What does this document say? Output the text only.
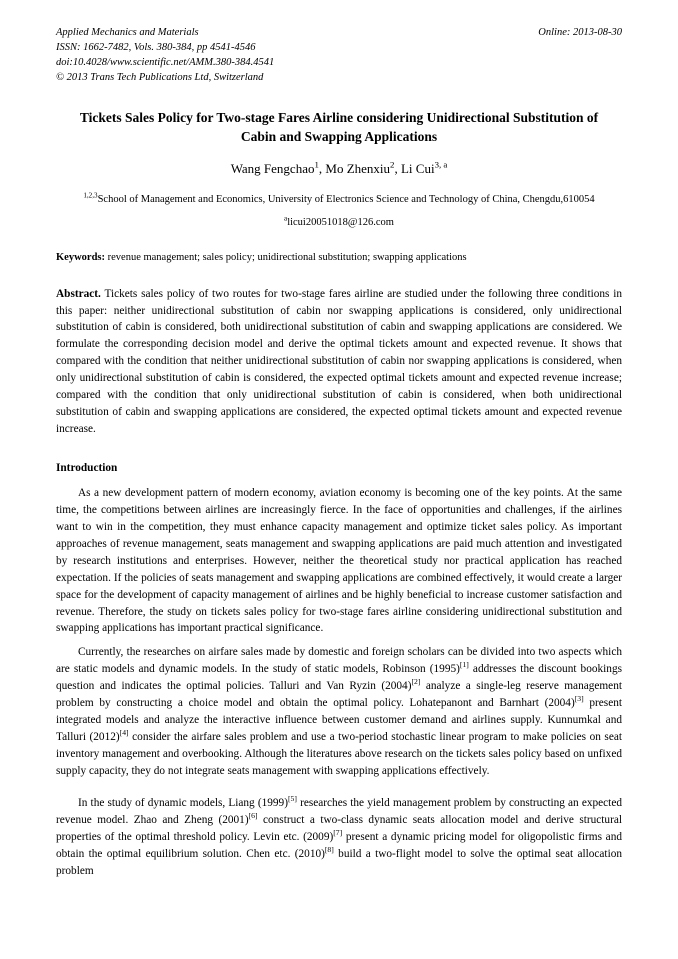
Applied Mechanics and Materials
ISSN: 1662-7482, Vols. 380-384, pp 4541-4546
doi:10.4028/www.scientific.net/AMM.380-384.4541
© 2013 Trans Tech Publications Ltd, Switzerland
Online: 2013-08-30
Tickets Sales Policy for Two-stage Fares Airline considering Unidirectional Substitution of Cabin and Swapping Applications
Wang Fengchao$^1$, Mo Zhenxiu$^2$, Li Cui$^{3, a}$
$^{1,2,3}$School of Management and Economics, University of Electronics Science and Technology of China, Chengdu,610054
$^a$licui20051018@126.com
Keywords: revenue management; sales policy; unidirectional substitution; swapping applications
Abstract. Tickets sales policy of two routes for two-stage fares airline are studied under the following three conditions in this paper: neither unidirectional substitution of cabin nor swapping applications is considered, only unidirectional substitution of cabin is considered, both unidirectional substitution of cabin and swapping applications are considered. We formulate the corresponding decision model and derive the optimal tickets amount and expected revenue. It shows that compared with the condition that neither unidirectional substitution of cabin nor swapping applications is considered, when only unidirectional substitution of cabin is considered, the expected optimal tickets amount and expected revenue increase; compared with the condition that only unidirectional substitution of cabin is considered, when both unidirectional substitution of cabin and swapping applications are considered, the expected optimal tickets amount and expected revenue increase.
Introduction
As a new development pattern of modern economy, aviation economy is becoming one of the key points. At the same time, the competitions between airlines are increasingly fierce. In the face of opportunities and challenges, if the airlines want to win in the competition, they must enhance capacity management and optimize ticket sales policy. As important approaches of revenue management, seats management and swapping applications are paid much attention and investigated by research institutions and enterprises. However, neither the theoretical study nor practical application has reached expectation. If the policies of seats management and swapping applications are combined effectively, it would create a larger space for the development of capacity management of airlines and be highly beneficial to increase customer satisfaction and revenue. Therefore, the study on tickets sales policy for two-stage fares airline considering unidirectional substitution and swapping applications has important practical significance.
Currently, the researches on airfare sales made by domestic and foreign scholars can be divided into two aspects which are static models and dynamic models. In the study of static models, Robinson (1995)[1] addresses the discount bookings question and indicates the optimal policies. Talluri and Van Ryzin (2004)[2] analyze a single-leg reserve management problem by constructing a choice model and obtain the optimal policy. Lohatepanont and Barnhart (2004)[3] present integrated models and analyze the interactive influence between customer demand and airlines supply. Kunnumkal and Talluri (2012)[4] consider the airfare sales problem and use a two-period stochastic linear program to make policies on seat inventory management and overbooking. Although the literatures above research on the tickets sales policy based on unfixed supply capacity, they do not integrate seats management with swapping applications effectively.
In the study of dynamic models, Liang (1999)[5] researches the yield management problem by constructing an expected revenue model. Zhao and Zheng (2001)[6] construct a two-class dynamic seats allocation model and derive structural properties of the optimal threshold policy. Levin etc. (2009)[7] present a dynamic pricing model for oligopolistic firms and obtain the optimal equilibrium solution. Chen etc. (2010)[8] build a two-flight model to solve the optimal seat allocation problem
